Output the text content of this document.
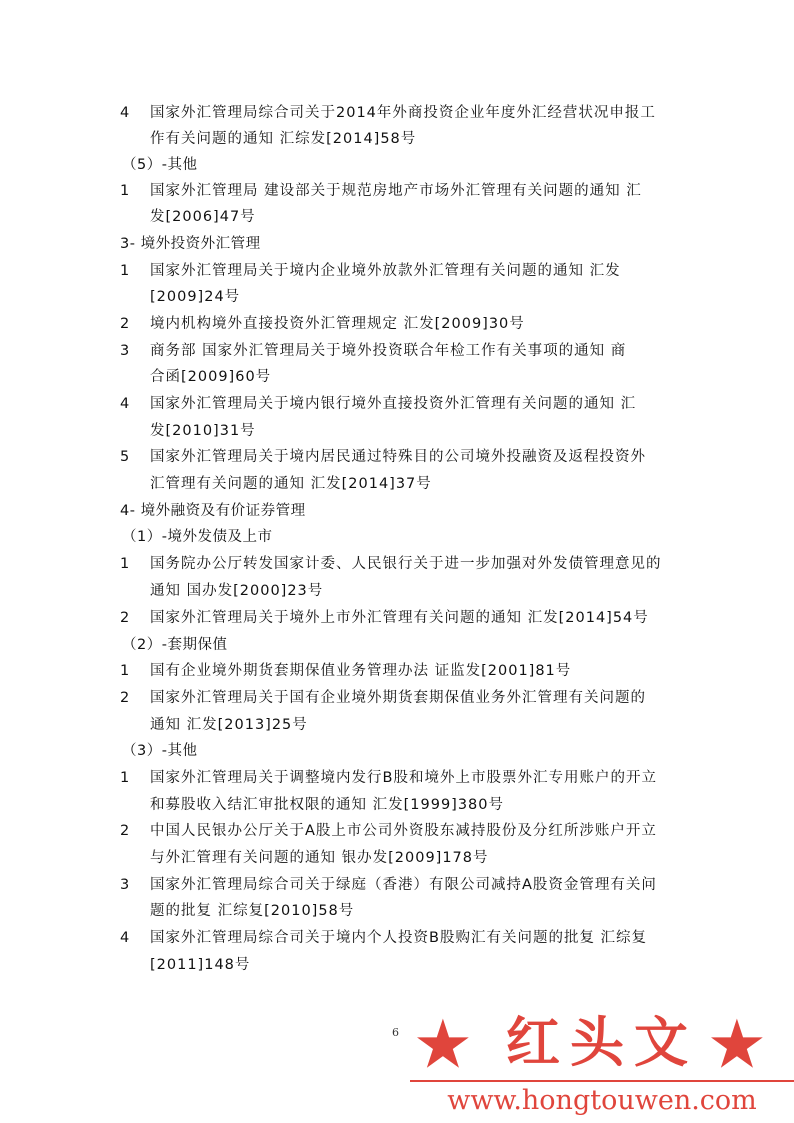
4 国家外汇管理局综合司关于2014年外商投资企业年度外汇经营状况申报工
作有关问题的通知 汇综发[2014]58号
（5）-其他
1 国家外汇管理局 建设部关于规范房地产市场外汇管理有关问题的通知 汇
发[2006]47号
3- 境外投资外汇管理
1 国家外汇管理局关于境内企业境外放款外汇管理有关问题的通知 汇发
[2009]24号
2 境内机构境外直接投资外汇管理规定 汇发[2009]30号
3 商务部 国家外汇管理局关于境外投资联合年检工作有关事项的通知 商
合函[2009]60号
4 国家外汇管理局关于境内银行境外直接投资外汇管理有关问题的通知 汇
发[2010]31号
5 国家外汇管理局关于境内居民通过特殊目的公司境外投融资及返程投资外
汇管理有关问题的通知 汇发[2014]37号
4- 境外融资及有价证券管理
（1）-境外发债及上市
1 国务院办公厅转发国家计委、人民银行关于进一步加强对外发债管理意见的
通知 国办发[2000]23号
2 国家外汇管理局关于境外上市外汇管理有关问题的通知 汇发[2014]54号
（2）-套期保值
1 国有企业境外期货套期保值业务管理办法 证监发[2001]81号
2 国家外汇管理局关于国有企业境外期货套期保值业务外汇管理有关问题的
通知 汇发[2013]25号
（3）-其他
1 国家外汇管理局关于调整境内发行B股和境外上市股票外汇专用账户的开立
和募股收入结汇审批权限的通知 汇发[1999]380号
2 中国人民银办公厅关于A股上市公司外资股东减持股份及分红所涉账户开立
与外汇管理有关问题的通知 银办发[2009]178号
3 国家外汇管理局综合司关于绿庭（香港）有限公司减持A股资金管理有关问
题的批复 汇综复[2010]58号
4 国家外汇管理局综合司关于境内个人投资B股购汇有关问题的批复 汇综复
[2011]148号
6 ★ 红头文 ★
www.hongtouwen.com
